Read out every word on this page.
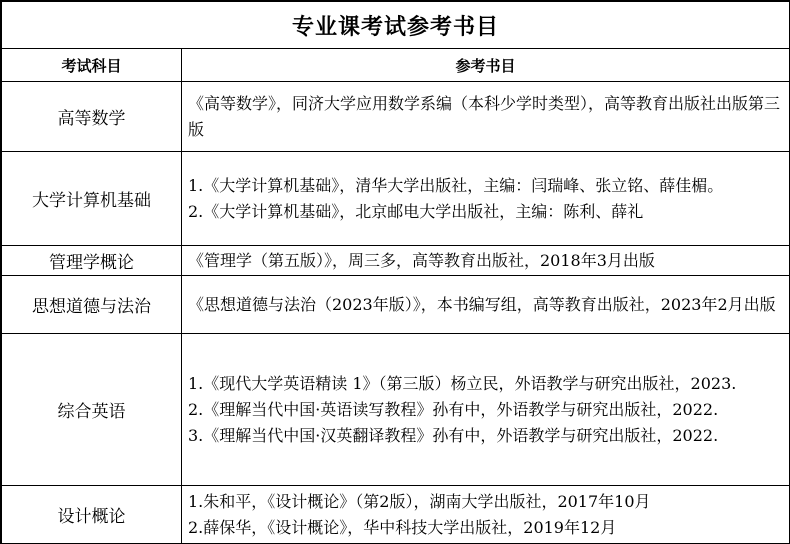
专业课考试参考书目	
考试科目	参考书目
高等数学	《高等数学》，同济大学应用数学系编（本科少学时类型），高等教育出版社出版第三版

大学计算机基础	1.《大学计算机基础》，清华大学出版社，主编：闫瑞峰、张立铭、薛佳楣。
2.《大学计算机基础》，北京邮电大学出版社，主编：陈利、薛礼

管理学概论	《管理学（第五版）》，周三多，高等教育出版社，2018年3月出版

思想道德与法治	《思想道德与法治（2023年版）》，本书编写组，高等教育出版社，2023年2月出版

综合英语	1.《现代大学英语精读 1》（第三版）杨立民，外语教学与研究出版社，2023.
2.《理解当代中国·英语读写教程》孙有中，外语教学与研究出版社，2022.
3.《理解当代中国·汉英翻译教程》孙有中，外语教学与研究出版社，2022.

设计概论	1.朱和平，《设计概论》（第2版），湖南大学出版社，2017年10月
2.薛保华，《设计概论》，华中科技大学出版社，2019年12月
